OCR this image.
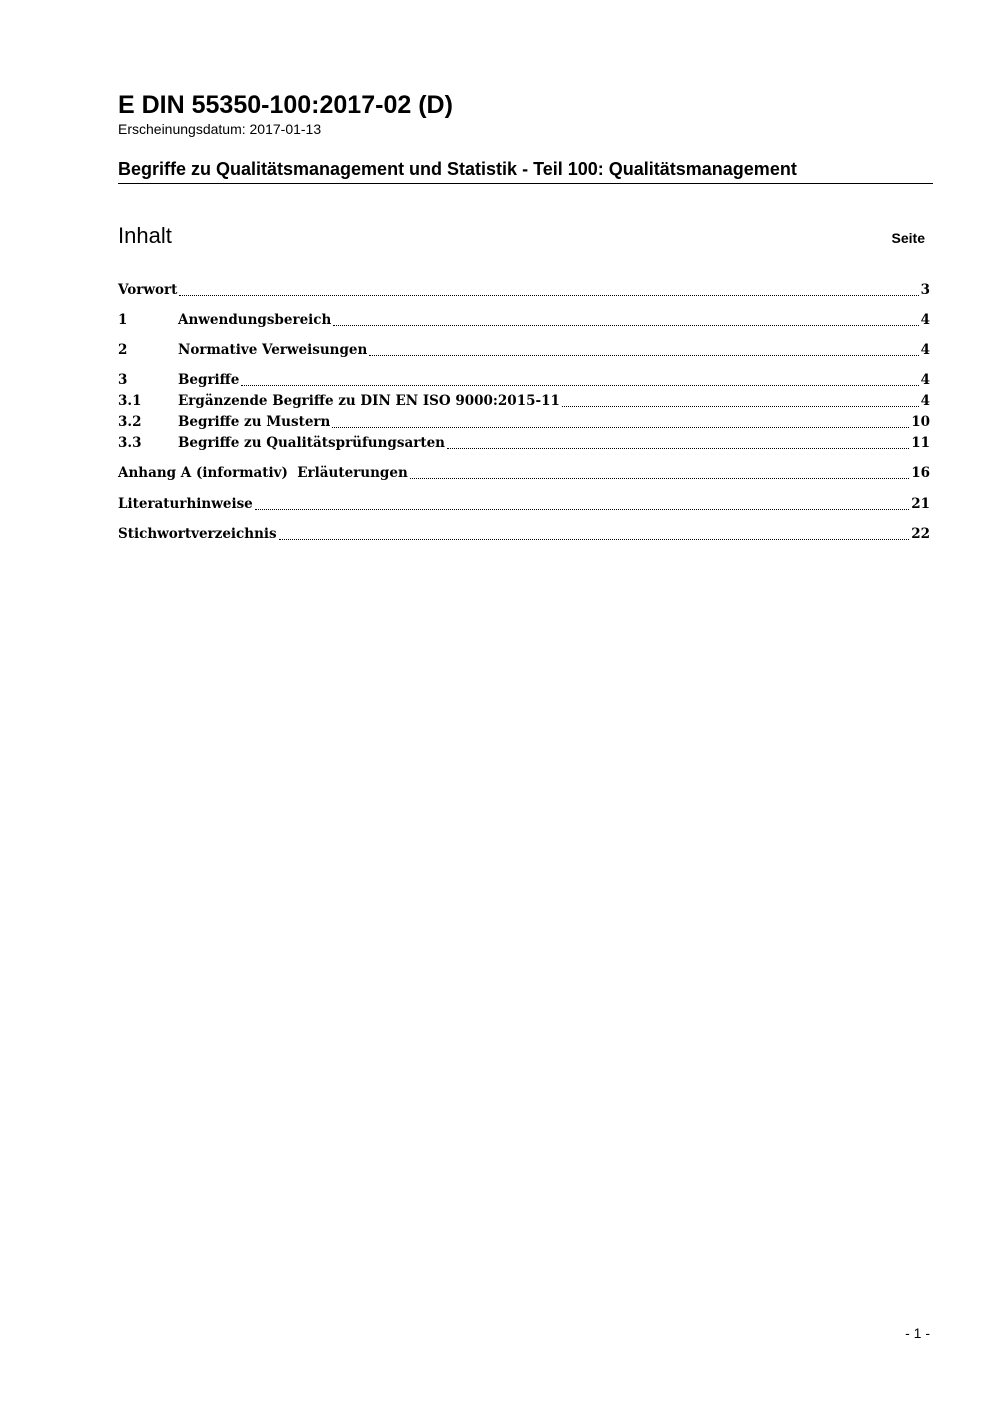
E DIN 55350-100:2017-02 (D)
Erscheinungsdatum: 2017-01-13
Begriffe zu Qualitätsmanagement und Statistik - Teil 100: Qualitätsmanagement
Inhalt	Seite
Vorwort	3
1	Anwendungsbereich	4
2	Normative Verweisungen	4
3	Begriffe	4
3.1	Ergänzende Begriffe zu DIN EN ISO 9000:2015-11	4
3.2	Begriffe zu Mustern	10
3.3	Begriffe zu Qualitätsprüfungsarten	11
Anhang A (informativ)  Erläuterungen	16
Literaturhinweise	21
Stichwortverzeichnis	22
- 1 -
